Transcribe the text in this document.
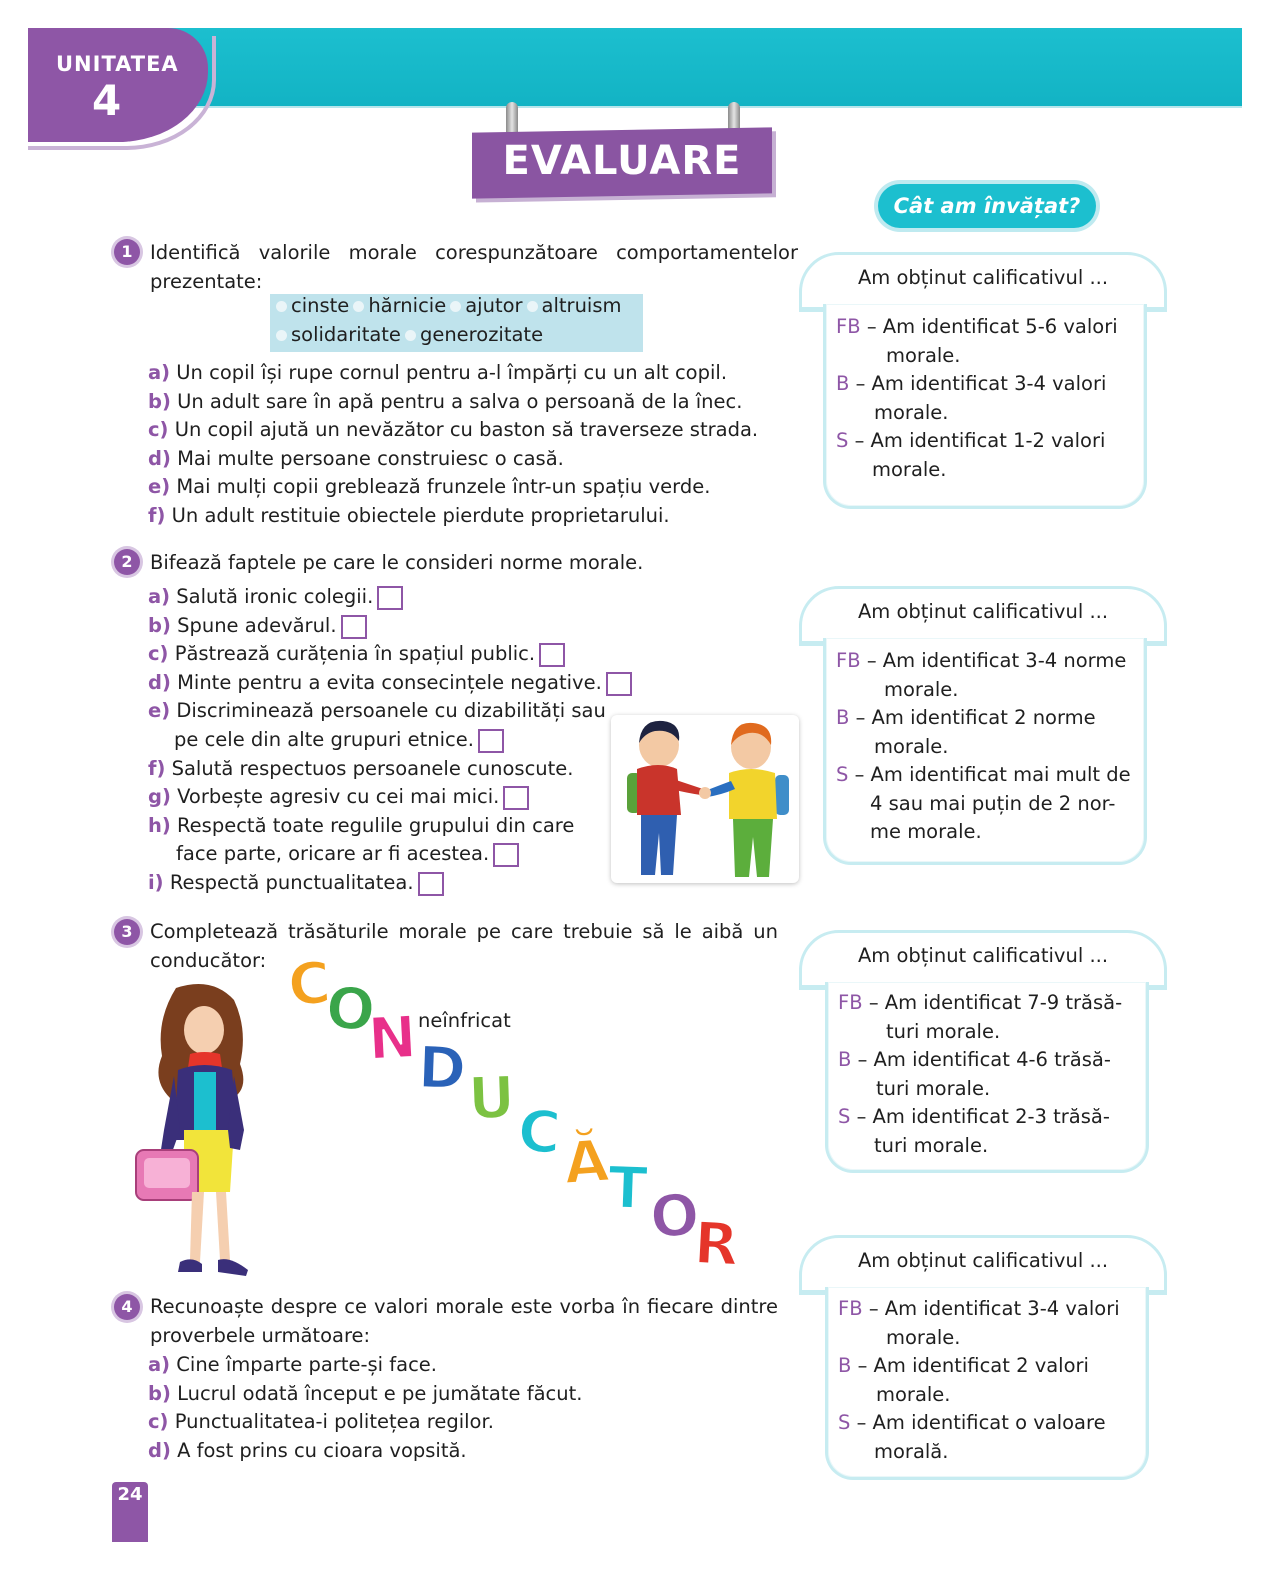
UNITATEA
4
EVALUARE
Cât am învățat?
1 Identifică valorile morale corespunzătoare comportamentelor
prezentate:
cinste hărnicie ajutor altruism
solidaritate generozitate
a) Un copil își rupe cornul pentru a-l împărți cu un alt copil.
b) Un adult sare în apă pentru a salva o persoană de la înec.
c) Un copil ajută un nevăzător cu baston să traverseze strada.
d) Mai multe persoane construiesc o casă.
e) Mai mulți copii greblează frunzele într-un spațiu verde.
f) Un adult restituie obiectele pierdute proprietarului.
2 Bifează faptele pe care le consideri norme morale.
a) Salută ironic colegii.
b) Spune adevărul.
c) Păstrează curățenia în spațiul public.
d) Minte pentru a evita consecințele negative.
e) Discriminează persoanele cu dizabilități sau
pe cele din alte grupuri etnice.
f) Salută respectuos persoanele cunoscute.
g) Vorbește agresiv cu cei mai mici.
h) Respectă toate regulile grupului din care
face parte, oricare ar fi acestea.
i) Respectă punctualitatea.
3 Completează trăsăturile morale pe care trebuie să le aibă un
conducător:
neînfricat
4 Recunoaște despre ce valori morale este vorba în fiecare dintre
proverbele următoare:
a) Cine împarte parte-și face.
b) Lucrul odată început e pe jumătate făcut.
c) Punctualitatea-i politețea regilor.
d) A fost prins cu cioara vopsită.
Am obținut calificativul ...
FB – Am identificat 5-6 valori
morale.
B – Am identificat 3-4 valori
morale.
S – Am identificat 1-2 valori
morale.
Am obținut calificativul ...
FB – Am identificat 3-4 norme
morale.
B – Am identificat 2 norme
morale.
S – Am identificat mai mult de
4 sau mai puțin de 2 nor-
me morale.
Am obținut calificativul ...
FB – Am identificat 7-9 trăsă-
turi morale.
B – Am identificat 4-6 trăsă-
turi morale.
S – Am identificat 2-3 trăsă-
turi morale.
Am obținut calificativul ...
FB – Am identificat 3-4 valori
morale.
B – Am identificat 2 valori
morale.
S – Am identificat o valoare
morală.
24
C
O
N
D U C Ă
T O
R
